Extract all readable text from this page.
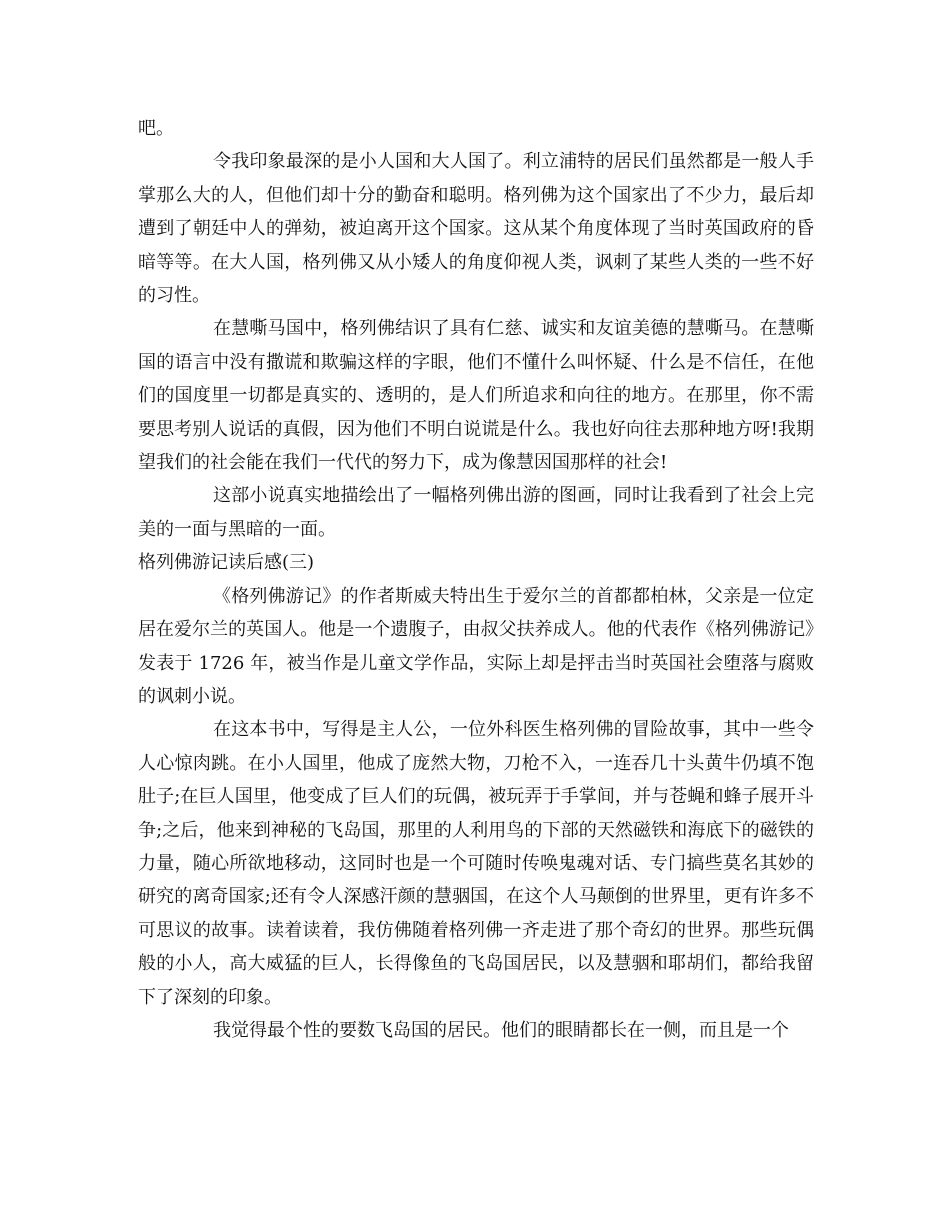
吧。

令我印象最深的是小人国和大人国了。利立浦特的居民们虽然都是一般人手掌那么大的人，但他们却十分的勤奋和聪明。格列佛为这个国家出了不少力，最后却遭到了朝廷中人的弹劾，被迫离开这个国家。这从某个角度体现了当时英国政府的昏暗等等。在大人国，格列佛又从小矮人的角度仰视人类，讽刺了某些人类的一些不好的习性。

在慧嘶马国中，格列佛结识了具有仁慈、诚实和友谊美德的慧嘶马。在慧嘶国的语言中没有撒谎和欺骗这样的字眼，他们不懂什么叫怀疑、什么是不信任，在他们的国度里一切都是真实的、透明的，是人们所追求和向往的地方。在那里，你不需要思考别人说话的真假，因为他们不明白说谎是什么。我也好向往去那种地方呀!我期望我们的社会能在我们一代代的努力下，成为像慧因国那样的社会!

这部小说真实地描绘出了一幅格列佛出游的图画，同时让我看到了社会上完美的一面与黑暗的一面。

格列佛游记读后感(三)

《格列佛游记》的作者斯威夫特出生于爱尔兰的首都都柏林，父亲是一位定居在爱尔兰的英国人。他是一个遗腹子，由叔父扶养成人。他的代表作《格列佛游记》发表于 1726 年，被当作是儿童文学作品，实际上却是抨击当时英国社会堕落与腐败的讽刺小说。

在这本书中，写得是主人公，一位外科医生格列佛的冒险故事，其中一些令人心惊肉跳。在小人国里，他成了庞然大物，刀枪不入，一连吞几十头黄牛仍填不饱肚子;在巨人国里，他变成了巨人们的玩偶，被玩弄于手掌间，并与苍蝇和蜂子展开斗争;之后，他来到神秘的飞岛国，那里的人利用鸟的下部的天然磁铁和海底下的磁铁的力量，随心所欲地移动，这同时也是一个可随时传唤鬼魂对话、专门搞些莫名其妙的研究的离奇国家;还有令人深感汗颜的慧骃国，在这个人马颠倒的世界里，更有许多不可思议的故事。读着读着，我仿佛随着格列佛一齐走进了那个奇幻的世界。那些玩偶般的小人，高大威猛的巨人，长得像鱼的飞岛国居民，以及慧骃和耶胡们，都给我留下了深刻的印象。

我觉得最个性的要数飞岛国的居民。他们的眼睛都长在一侧，而且是一个
